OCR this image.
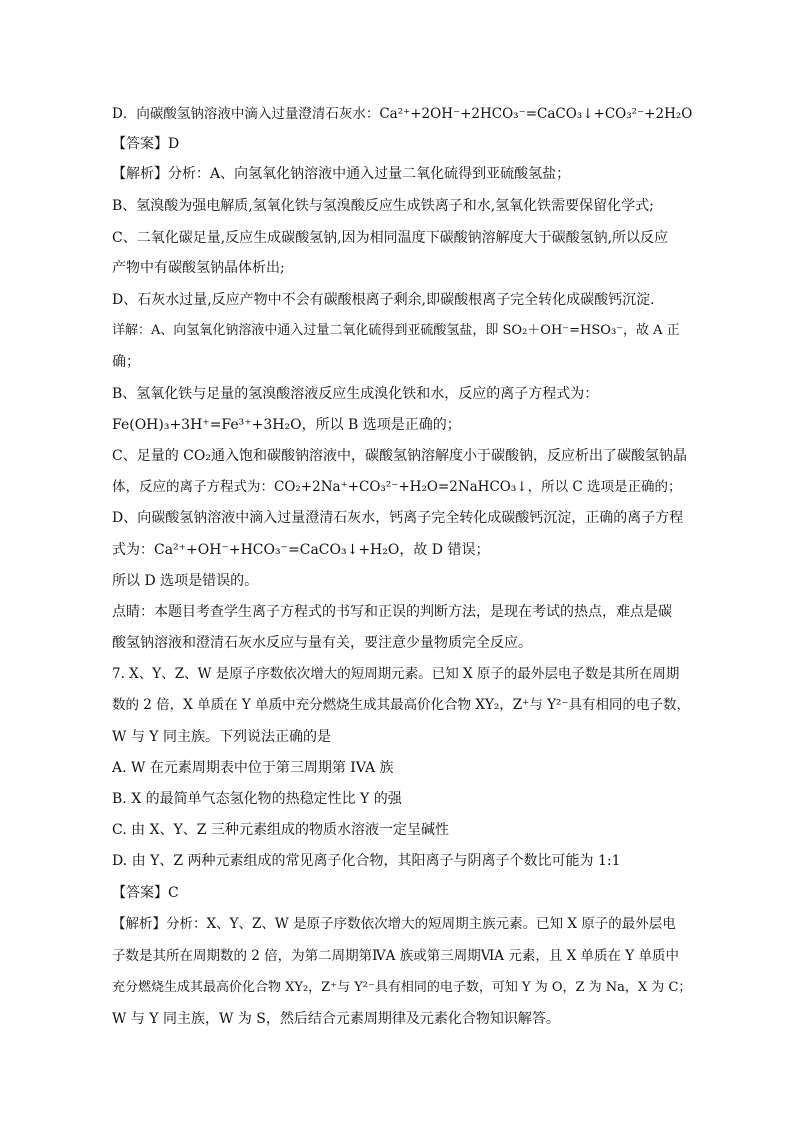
D．向碳酸氢钠溶液中滴入过量澄清石灰水：Ca²⁺+2OH⁻+2HCO₃⁻=CaCO₃↓+CO₃²⁻+2H₂O
【答案】D
【解析】分析：A、向氢氧化钠溶液中通入过量二氧化硫得到亚硫酸氢盐；
B、氢溴酸为强电解质,氢氧化铁与氢溴酸反应生成铁离子和水,氢氧化铁需要保留化学式;
C、二氧化碳足量,反应生成碳酸氢钠,因为相同温度下碳酸钠溶解度大于碳酸氢钠,所以反应
产物中有碳酸氢钠晶体析出;
D、石灰水过量,反应产物中不会有碳酸根离子剩余,即碳酸根离子完全转化成碳酸钙沉淀.
详解：A、向氢氧化钠溶液中通入过量二氧化硫得到亚硫酸氢盐，即 SO₂＋OH⁻=HSO₃⁻，故 A 正
确；
B、氢氧化铁与足量的氢溴酸溶液反应生成溴化铁和水，反应的离子方程式为：
Fe(OH)₃+3H⁺=Fe³⁺+3H₂O，所以 B 选项是正确的；
C、足量的 CO₂通入饱和碳酸钠溶液中，碳酸氢钠溶解度小于碳酸钠，反应析出了碳酸氢钠晶
体，反应的离子方程式为：CO₂+2Na⁺+CO₃²⁻+H₂O=2NaHCO₃↓，所以 C 选项是正确的；
D、向碳酸氢钠溶液中滴入过量澄清石灰水，钙离子完全转化成碳酸钙沉淀，正确的离子方程
式为：Ca²⁺+OH⁻+HCO₃⁻=CaCO₃↓+H₂O，故 D 错误；
所以 D 选项是错误的。
点睛：本题目考查学生离子方程式的书写和正误的判断方法，是现在考试的热点，难点是碳
酸氢钠溶液和澄清石灰水反应与量有关，要注意少量物质完全反应。
7. X、Y、Z、W 是原子序数依次增大的短周期元素。已知 X 原子的最外层电子数是其所在周期
数的 2 倍，X 单质在 Y 单质中充分燃烧生成其最高价化合物 XY₂，Z⁺与 Y²⁻具有相同的电子数，
W 与 Y 同主族。下列说法正确的是
A. W 在元素周期表中位于第三周期第 IVA 族
B. X 的最简单气态氢化物的热稳定性比 Y 的强
C. 由 X、Y、Z 三种元素组成的物质水溶液一定呈碱性
D. 由 Y、Z 两种元素组成的常见离子化合物，其阳离子与阴离子个数比可能为 1:1
【答案】C
【解析】分析：X、Y、Z、W 是原子序数依次增大的短周期主族元素。已知 X 原子的最外层电
子数是其所在周期数的 2 倍，为第二周期第ⅣA 族或第三周期ⅥA 元素，且 X 单质在 Y 单质中
充分燃烧生成其最高价化合物 XY₂，Z⁺与 Y²⁻具有相同的电子数，可知 Y 为 O，Z 为 Na，X 为 C；
W 与 Y 同主族，W 为 S，然后结合元素周期律及元素化合物知识解答。
